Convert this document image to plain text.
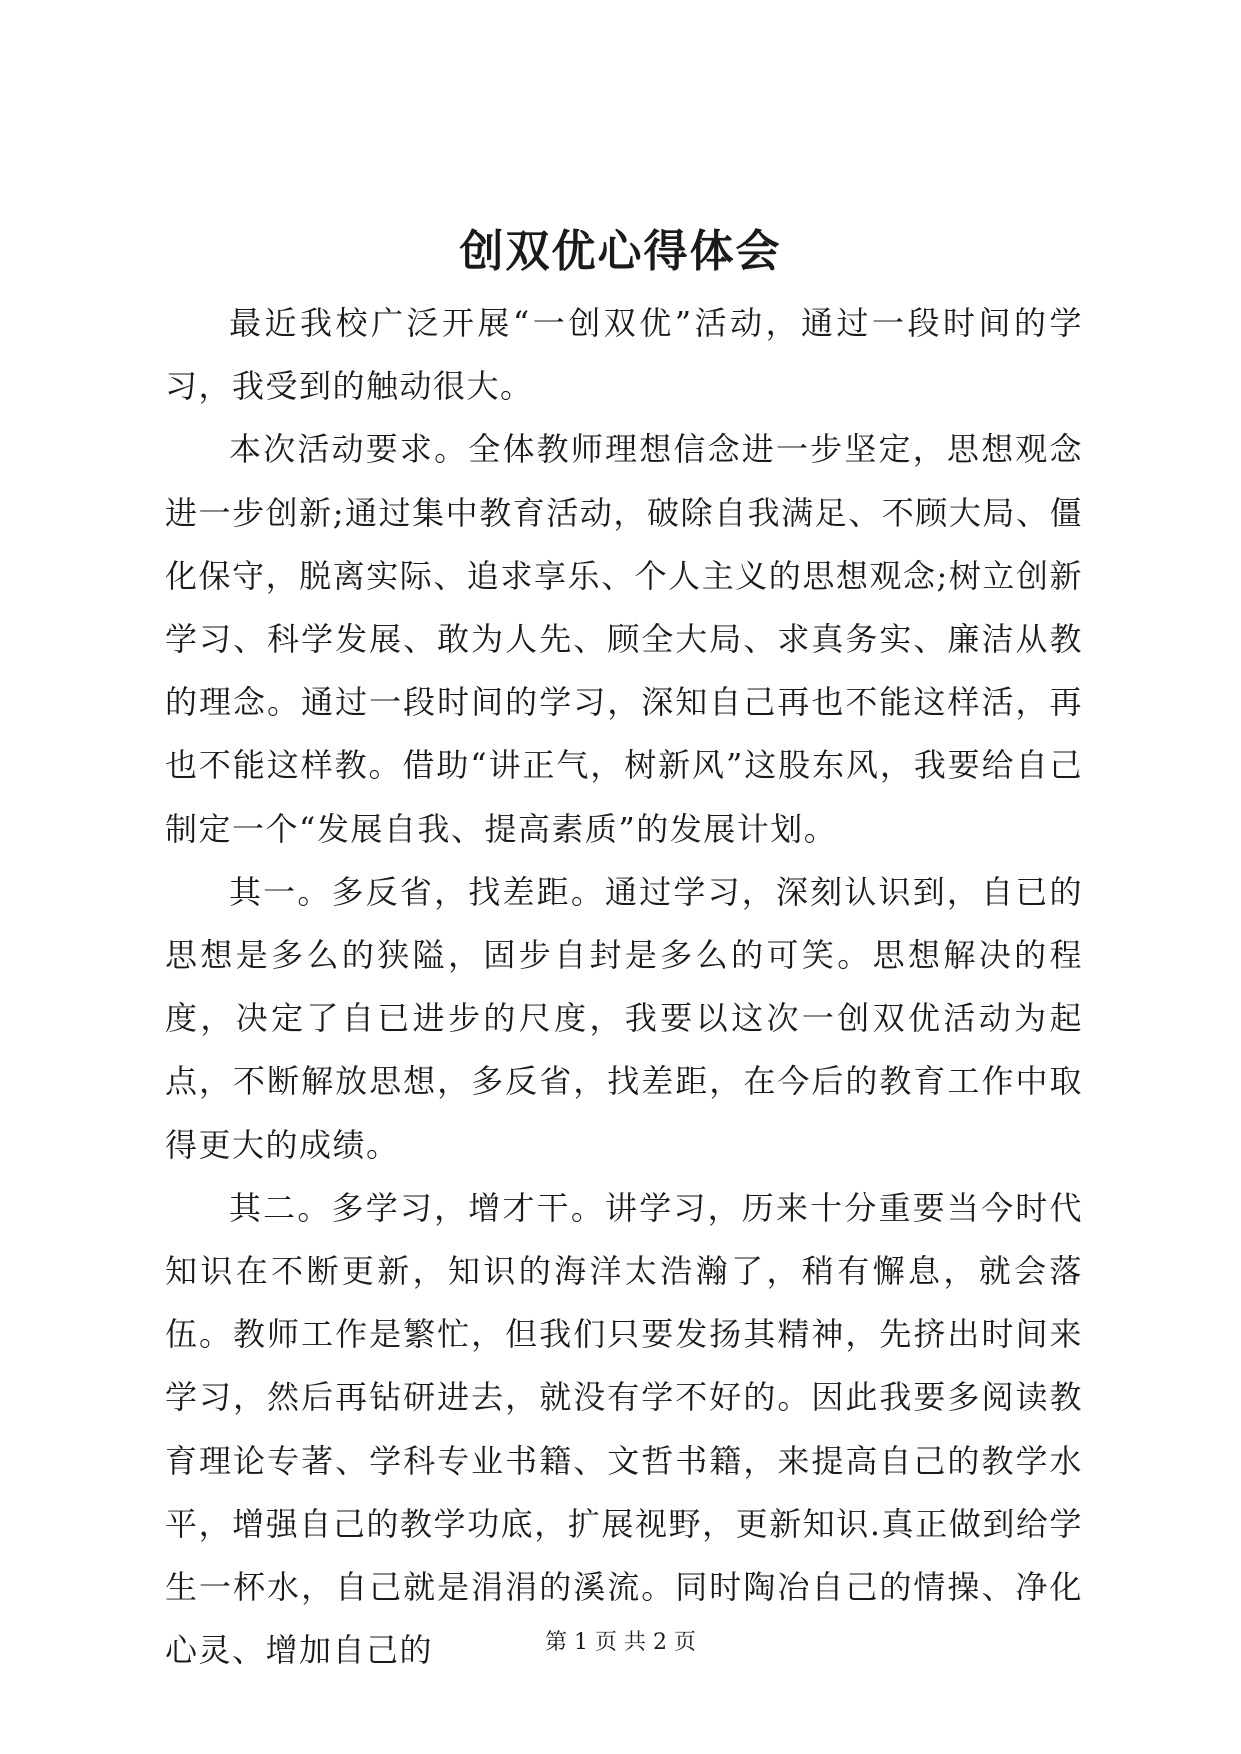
创双优心得体会

最近我校广泛开展“一创双优”活动，通过一段时间的学习，我受到的触动很大。

本次活动要求。全体教师理想信念进一步坚定，思想观念进一步创新;通过集中教育活动，破除自我满足、不顾大局、僵化保守，脱离实际、追求享乐、个人主义的思想观念;树立创新学习、科学发展、敢为人先、顾全大局、求真务实、廉洁从教的理念。通过一段时间的学习，深知自己再也不能这样活，再也不能这样教。借助“讲正气，树新风”这股东风，我要给自己制定一个“发展自我、提高素质”的发展计划。

其一。多反省，找差距。通过学习，深刻认识到，自已的思想是多么的狭隘，固步自封是多么的可笑。思想解决的程度，决定了自已进步的尺度，我要以这次一创双优活动为起点，不断解放思想，多反省，找差距，在今后的教育工作中取得更大的成绩。

其二。多学习，增才干。讲学习，历来十分重要当今时代知识在不断更新，知识的海洋太浩瀚了，稍有懈息，就会落伍。教师工作是繁忙，但我们只要发扬其精神，先挤出时间来学习，然后再钻研进去，就没有学不好的。因此我要多阅读教育理论专著、学科专业书籍、文哲书籍，来提高自己的教学水平，增强自己的教学功底，扩展视野，更新知识.真正做到给学生一杯水，自己就是涓涓的溪流。同时陶冶自己的情操、净化心灵、增加自己的	第 1 页 共 2 页
